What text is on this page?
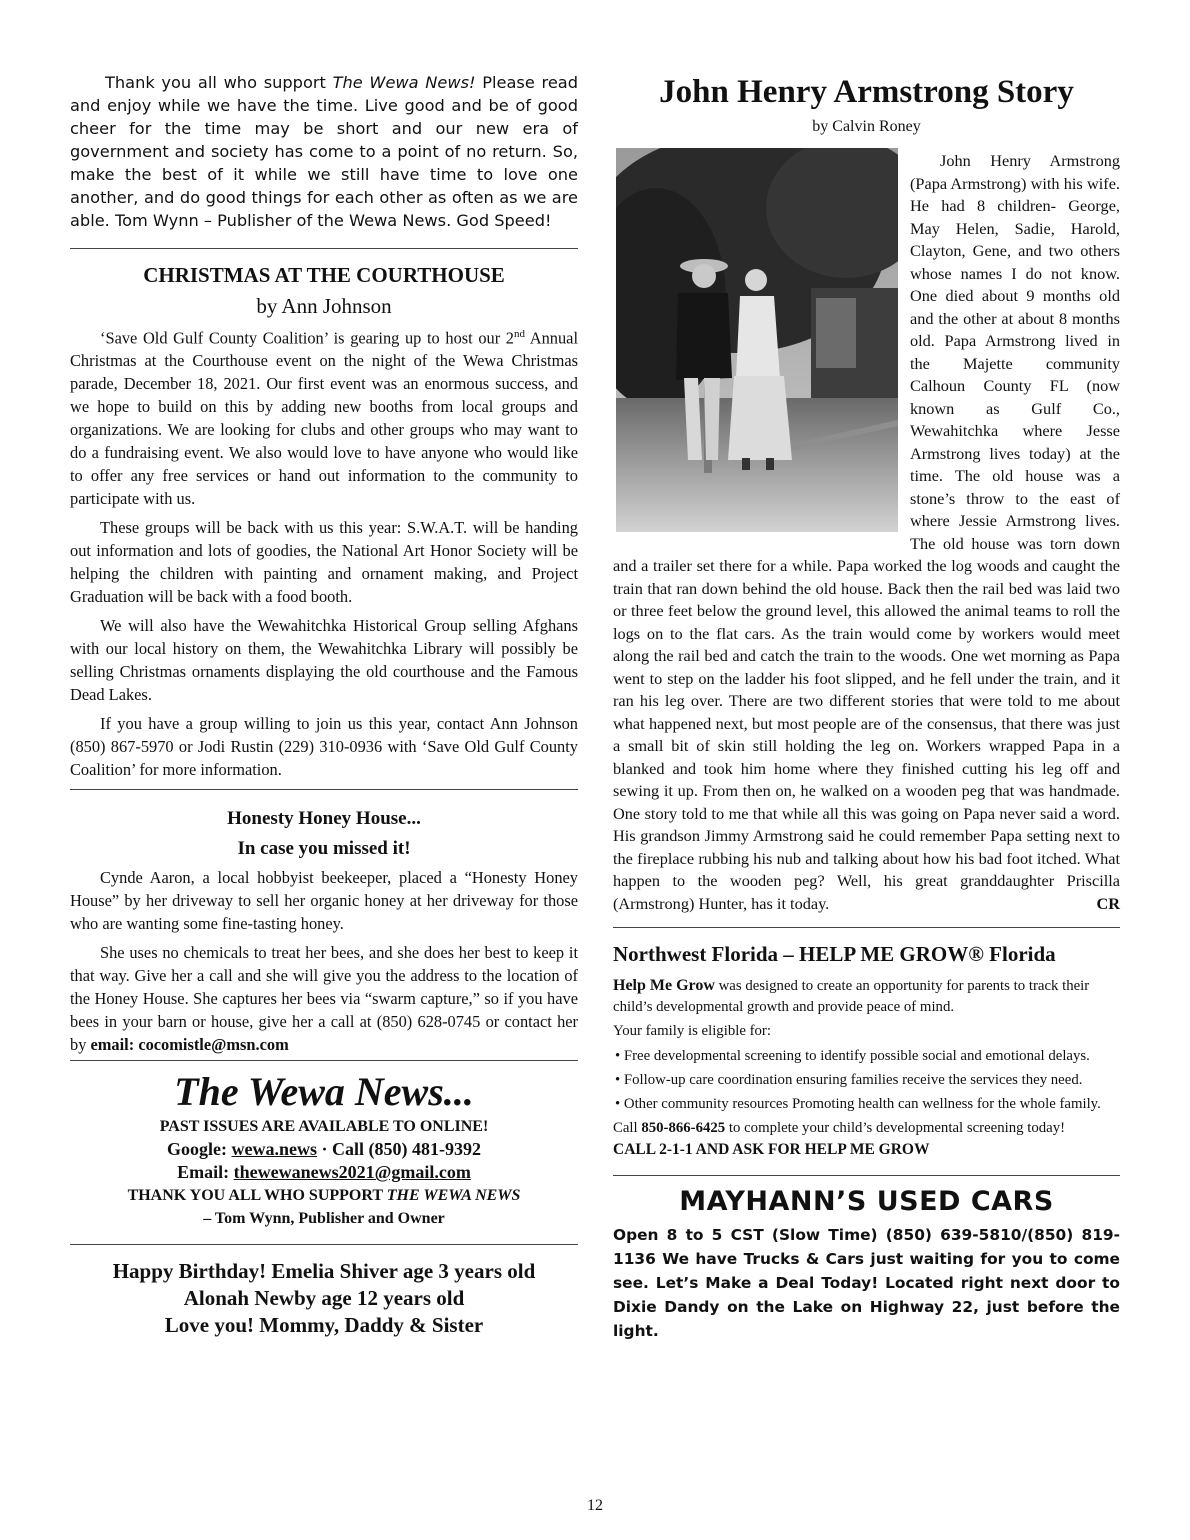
Thank you all who support The Wewa News! Please read and enjoy while we have the time. Live good and be of good cheer for the time may be short and our new era of government and society has come to a point of no return. So, make the best of it while we still have time to love one another, and do good things for each other as often as we are able. Tom Wynn – Publisher of the Wewa News. God Speed!

CHRISTMAS AT THE COURTHOUSE
by Ann Johnson

‘Save Old Gulf County Coalition’ is gearing up to host our 2nd Annual Christmas at the Courthouse event on the night of the Wewa Christmas parade, December 18, 2021. Our first event was an enormous success, and we hope to build on this by adding new booths from local groups and organizations. We are looking for clubs and other groups who may want to do a fundraising event. We also would love to have anyone who would like to offer any free services or hand out information to the community to participate with us.

These groups will be back with us this year: S.W.A.T. will be handing out information and lots of goodies, the National Art Honor Society will be helping the children with painting and ornament making, and Project Graduation will be back with a food booth.

We will also have the Wewahitchka Historical Group selling Afghans with our local history on them, the Wewahitchka Library will possibly be selling Christmas ornaments displaying the old courthouse and the Famous Dead Lakes.

If you have a group willing to join us this year, contact Ann Johnson (850) 867-5970 or Jodi Rustin (229) 310-0936 with ‘Save Old Gulf County Coalition’ for more information.

Honesty Honey House...
In case you missed it!

Cynde Aaron, a local hobbyist beekeeper, placed a “Honesty Honey House” by her driveway to sell her organic honey at her driveway for those who are wanting some fine-tasting honey.

She uses no chemicals to treat her bees, and she does her best to keep it that way. Give her a call and she will give you the address to the location of the Honey House. She captures her bees via “swarm capture,” so if you have bees in your barn or house, give her a call at (850) 628-0745 or contact her by email: cocomistle@msn.com

The Wewa News...
PAST ISSUES ARE AVAILABLE TO ONLINE!
Google: wewa.news · Call (850) 481-9392
Email: thewewanews2021@gmail.com
THANK YOU ALL WHO SUPPORT THE WEWA NEWS
– Tom Wynn, Publisher and Owner
Happy Birthday! Emelia Shiver age 3 years old
Alonah Newby age 12 years old
Love you! Mommy, Daddy & Sister
John Henry Armstrong Story
by Calvin Roney

John Henry Armstrong (Papa Armstrong) with his wife. He had 8 children- George, May Helen, Sadie, Harold, Clayton, Gene, and two others whose names I do not know. One died about 9 months old and the other at about 8 months old. Papa Armstrong lived in the Majette community Calhoun County FL (now known as Gulf Co., Wewahitchka where Jesse Armstrong lives today) at the time. The old house was a stone’s throw to the east of where Jessie Armstrong lives. The old house was torn down and a trailer set there for a while. Papa worked the log woods and caught the train that ran down behind the old house. Back then the rail bed was laid two or three feet below the ground level, this allowed the animal teams to roll the logs on to the flat cars. As the train would come by workers would meet along the rail bed and catch the train to the woods. One wet morning as Papa went to step on the ladder his foot slipped, and he fell under the train, and it ran his leg over. There are two different stories that were told to me about what happened next, but most people are of the consensus, that there was just a small bit of skin still holding the leg on. Workers wrapped Papa in a blanked and took him home where they finished cutting his leg off and sewing it up. From then on, he walked on a wooden peg that was handmade. One story told to me that while all this was going on Papa never said a word. His grandson Jimmy Armstrong said he could remember Papa setting next to the fireplace rubbing his nub and talking about how his bad foot itched. What happen to the wooden peg? Well, his great granddaughter Priscilla (Armstrong) Hunter, has it today.	CR

Northwest Florida – HELP ME GROW® Florida

Help Me Grow was designed to create an opportunity for parents to track their child’s developmental growth and provide peace of mind.

Your family is eligible for:

• Free developmental screening to identify possible social and emotional delays.
• Follow-up care coordination ensuring families receive the services they need.
• Other community resources Promoting health can wellness for the whole family.

Call 850-866-6425 to complete your child’s developmental screening today!    CALL 2-1-1 AND ASK FOR HELP ME GROW

MAYHANN’S USED CARS

Open 8 to 5 CST (Slow Time) (850) 639-5810/(850) 819-1136 We have Trucks & Cars just waiting for you to come see. Let’s Make a Deal Today! Located right next door to Dixie Dandy on the Lake on Highway 22, just before the light.

12
